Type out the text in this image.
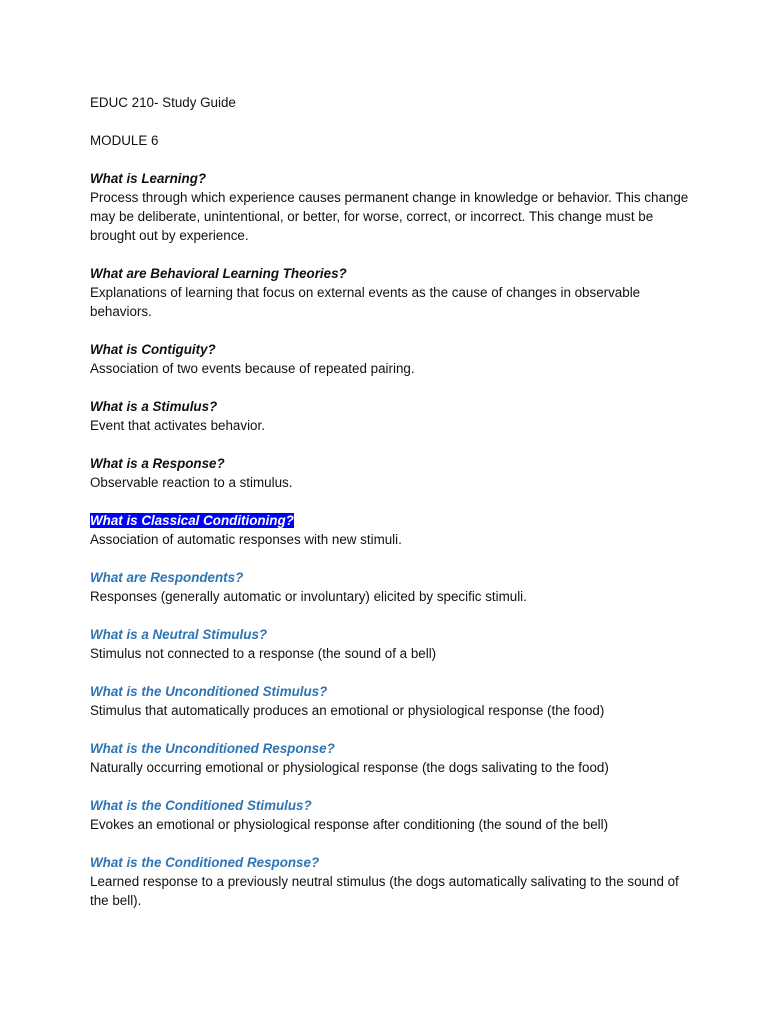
EDUC 210- Study Guide

MODULE 6

What is Learning?

Process through which experience causes permanent change in knowledge or behavior. This change may be deliberate, unintentional, or better, for worse, correct, or incorrect. This change must be brought out by experience.

What are Behavioral Learning Theories?

Explanations of learning that focus on external events as the cause of changes in observable behaviors.

What is Contiguity?

Association of two events because of repeated pairing.

What is a Stimulus?

Event that activates behavior.

What is a Response?

Observable reaction to a stimulus.

What is Classical Conditioning?

Association of automatic responses with new stimuli.

What are Respondents?

Responses (generally automatic or involuntary) elicited by specific stimuli.

What is a Neutral Stimulus?

Stimulus not connected to a response (the sound of a bell)

What is the Unconditioned Stimulus?

Stimulus that automatically produces an emotional or physiological response (the food)

What is the Unconditioned Response?

Naturally occurring emotional or physiological response (the dogs salivating to the food)

What is the Conditioned Stimulus?

Evokes an emotional or physiological response after conditioning (the sound of the bell)

What is the Conditioned Response?

Learned response to a previously neutral stimulus (the dogs automatically salivating to the sound of the bell).
